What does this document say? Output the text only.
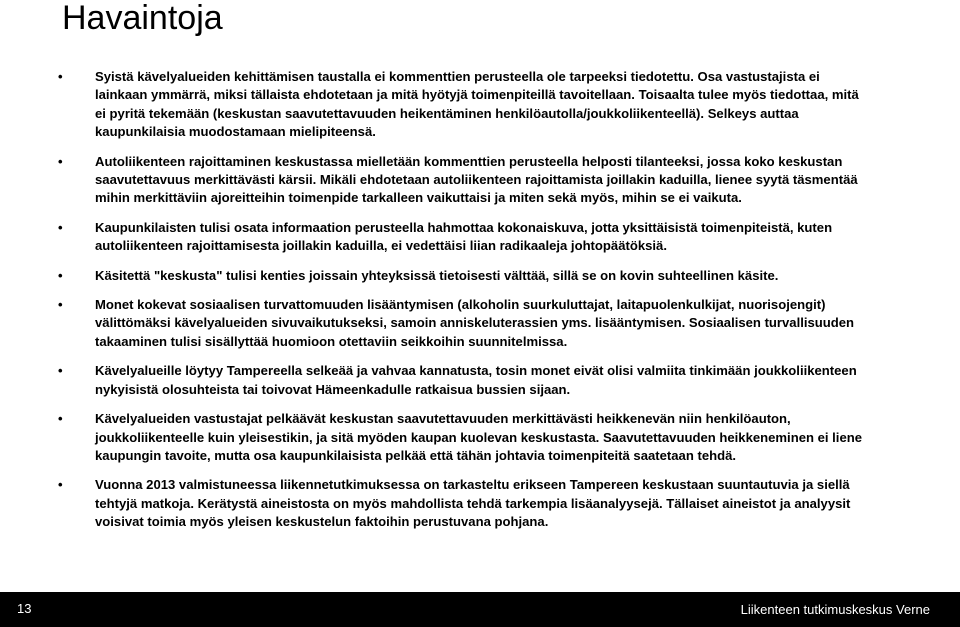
Havaintoja
• Syistä kävelyalueiden kehittämisen taustalla ei kommenttien perusteella ole tarpeeksi tiedotettu. Osa vastustajista ei lainkaan ymmärrä, miksi tällaista ehdotetaan ja mitä hyötyjä toimenpiteillä tavoitellaan. Toisaalta tulee myös tiedottaa, mitä ei pyritä tekemään (keskustan saavutettavuuden heikentäminen henkilöautolla/joukkoliikenteellä). Selkeys auttaa kaupunkilaisia muodostamaan mielipiteensä.
• Autoliikenteen rajoittaminen keskustassa mielletään kommenttien perusteella helposti tilanteeksi, jossa koko keskustan saavutettavuus merkittävästi kärsii. Mikäli ehdotetaan autoliikenteen rajoittamista joillakin kaduilla, lienee syytä täsmentää mihin merkittäviin ajoreitteihin toimenpide tarkalleen vaikuttaisi ja miten sekä myös, mihin se ei vaikuta.
• Kaupunkilaisten tulisi osata informaation perusteella hahmottaa kokonaiskuva, jotta yksittäisistä toimenpiteistä, kuten autoliikenteen rajoittamisesta joillakin kaduilla, ei vedettäisi liian radikaaleja johtopäätöksiä.
• Käsitettä "keskusta" tulisi kenties joissain yhteyksissä tietoisesti välttää, sillä se on kovin suhteellinen käsite.
• Monet kokevat sosiaalisen turvattomuuden lisääntymisen (alkoholin suurkuluttajat, laitapuolenkulkijat, nuorisojengit) välittömäksi kävelyalueiden sivuvaikutukseksi, samoin anniskeluterassien yms. lisääntymisen. Sosiaalisen turvallisuuden takaaminen tulisi sisällyttää huomioon otettaviin seikkoihin suunnitelmissa.
• Kävelyalueille löytyy Tampereella selkeää ja vahvaa kannatusta, tosin monet eivät olisi valmiita tinkimään joukkoliikenteen nykyisistä olosuhteista tai toivovat Hämeenkadulle ratkaisua bussien sijaan.
• Kävelyalueiden vastustajat pelkäävät keskustan saavutettavuuden merkittävästi heikkenevän niin henkilöauton, joukkoliikenteelle kuin yleisestikin, ja sitä myöden kaupan kuolevan keskustasta. Saavutettavuuden heikkeneminen ei liene kaupungin tavoite, mutta osa kaupunkilaisista pelkää että tähän johtavia toimenpiteitä saatetaan tehdä.
• Vuonna 2013 valmistuneessa liikennetutkimuksessa on tarkasteltu erikseen Tampereen keskustaan suuntautuvia ja siellä tehtyjä matkoja. Kerätystä aineistosta on myös mahdollista tehdä tarkempia lisäanalyysejä. Tällaiset aineistot ja analyysit voisivat toimia myös yleisen keskustelun faktoihin perustuvana pohjana.
13	Liikenteen tutkimuskeskus Verne
